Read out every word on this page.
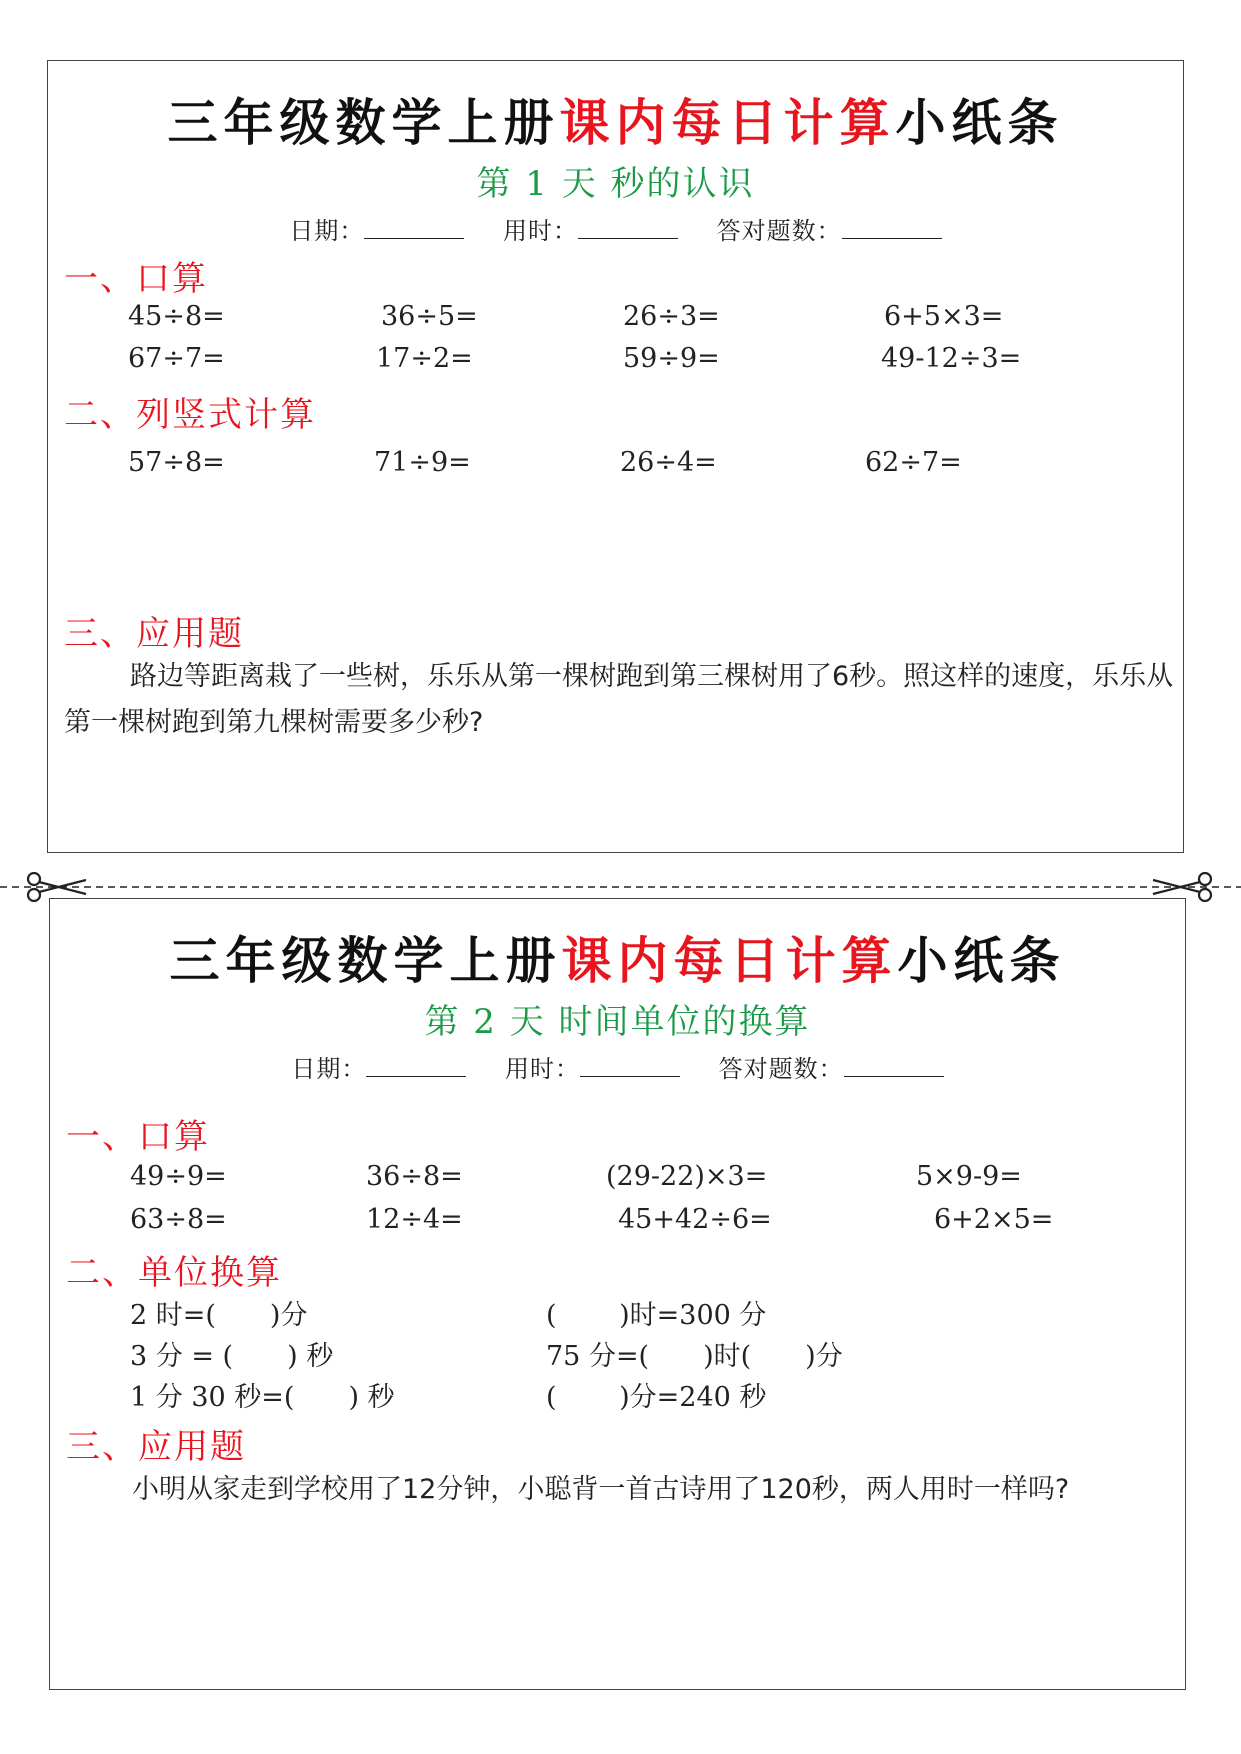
三年级数学上册课内每日计算小纸条
第 1 天 秒的认识
日期：	用时：	答对题数：
一、口算
45÷8=	36÷5=	26÷3=	6+5×3=
67÷7=	17÷2=	59÷9=	49-12÷3=
二、列竖式计算
57÷8=	71÷9=	26÷4=	62÷7=
三、应用题
路边等距离栽了一些树，乐乐从第一棵树跑到第三棵树用了6秒。照这样的速度，乐乐从第一棵树跑到第九棵树需要多少秒?
三年级数学上册课内每日计算小纸条
第 2 天 时间单位的换算
日期：	用时：	答对题数：
一、口算
49÷9=	36÷8=	(29-22)×3=	5×9-9=
63÷8=	12÷4=	45+42÷6=	6+2×5=
二、单位换算
2 时=(　　)分	(　　 )时=300 分
3 分 = (　　) 秒	75 分=(　　)时(　　)分
1 分 30 秒=(　　) 秒	(　　 )分=240 秒
三、应用题
小明从家走到学校用了12分钟，小聪背一首古诗用了120秒，两人用时一样吗?
